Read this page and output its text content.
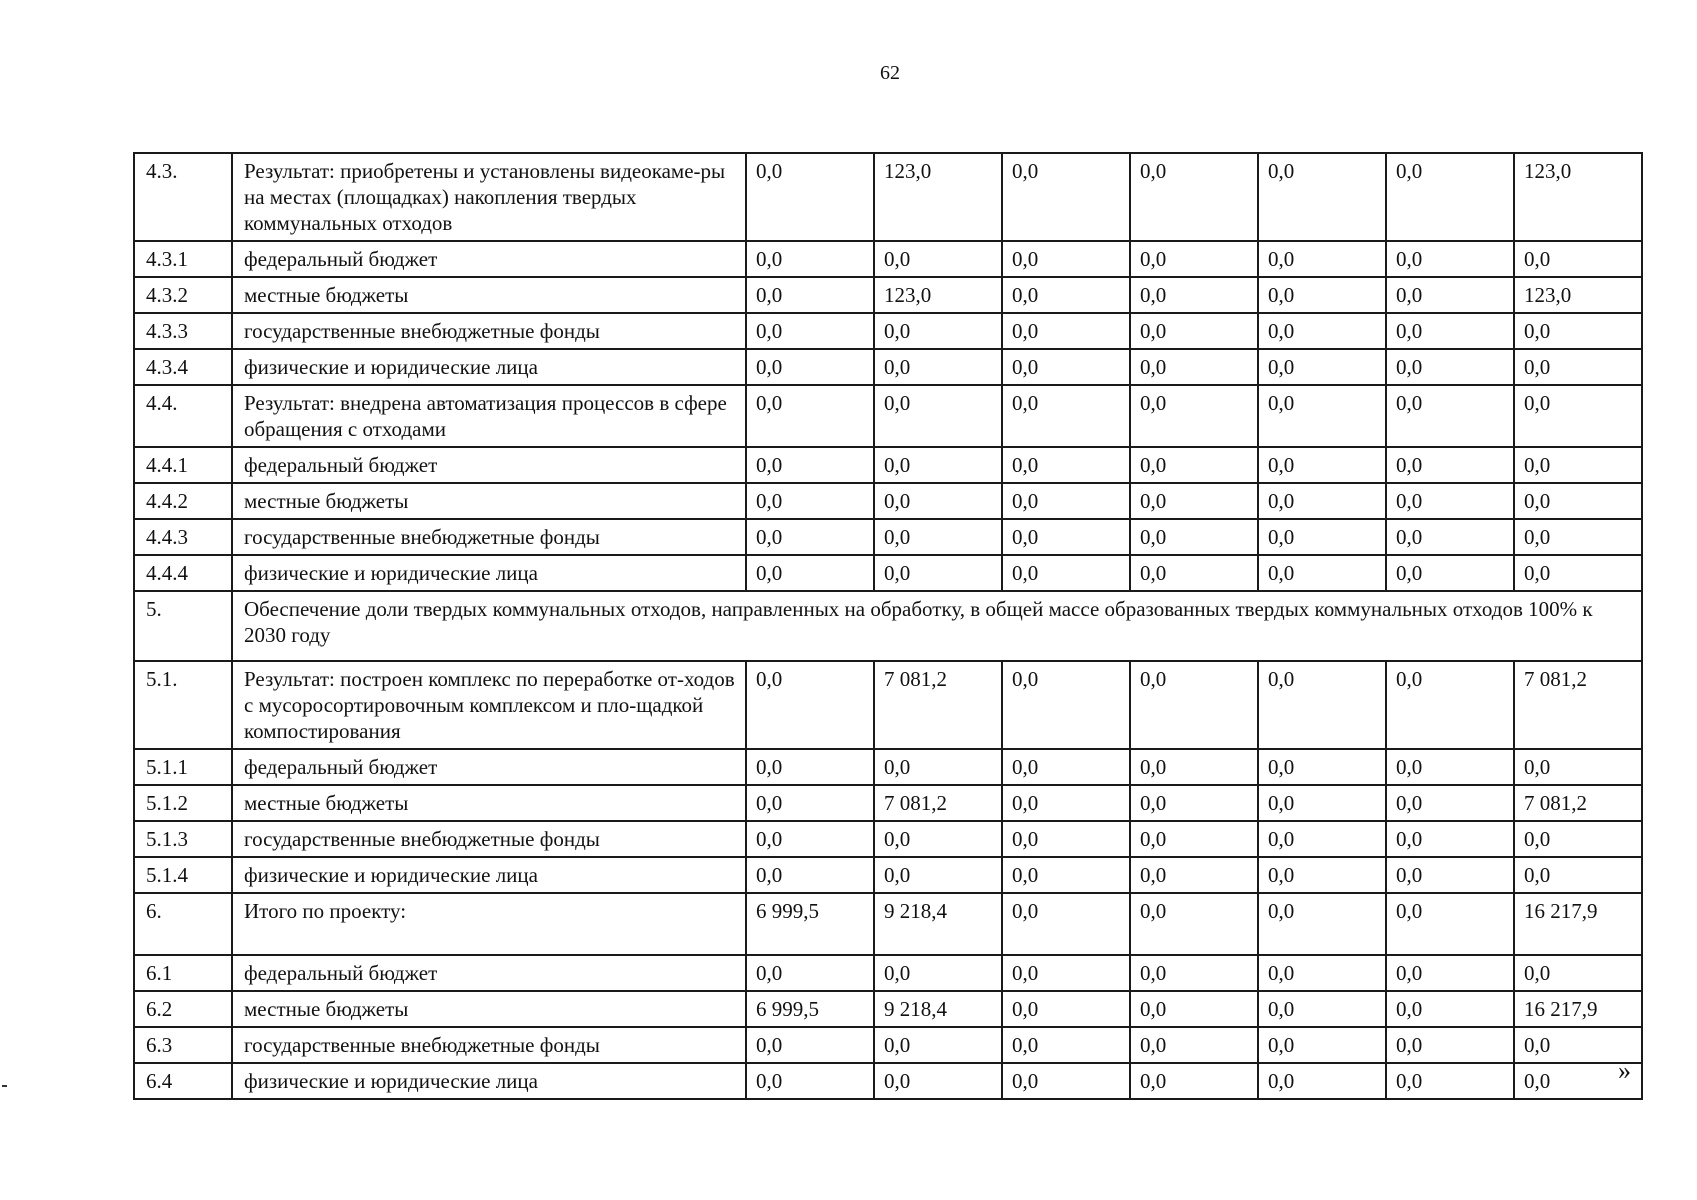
62
4.3.	Результат: приобретены и установлены видеокаме-ры на местах (площадках) накопления твердых коммунальных отходов	0,0	123,0	0,0	0,0	0,0	0,0	123,0
4.3.1	федеральный бюджет	0,0	0,0	0,0	0,0	0,0	0,0	0,0
4.3.2	местные бюджеты	0,0	123,0	0,0	0,0	0,0	0,0	123,0
4.3.3	государственные внебюджетные фонды	0,0	0,0	0,0	0,0	0,0	0,0	0,0
4.3.4	физические и юридические лица	0,0	0,0	0,0	0,0	0,0	0,0	0,0
4.4.	Результат: внедрена автоматизация процессов в сфере обращения с отходами	0,0	0,0	0,0	0,0	0,0	0,0	0,0
4.4.1	федеральный бюджет	0,0	0,0	0,0	0,0	0,0	0,0	0,0
4.4.2	местные бюджеты	0,0	0,0	0,0	0,0	0,0	0,0	0,0
4.4.3	государственные внебюджетные фонды	0,0	0,0	0,0	0,0	0,0	0,0	0,0
4.4.4	физические и юридические лица	0,0	0,0	0,0	0,0	0,0	0,0	0,0
5.	Обеспечение доли твердых коммунальных отходов, направленных на обработку, в общей массе образованных твердых коммунальных отходов 100% к 2030 году							
5.1.	Результат: построен комплекс по переработке от-ходов с мусоросортировочным комплексом и пло-щадкой компостирования	0,0	7 081,2	0,0	0,0	0,0	0,0	7 081,2
5.1.1	федеральный бюджет	0,0	0,0	0,0	0,0	0,0	0,0	0,0
5.1.2	местные бюджеты	0,0	7 081,2	0,0	0,0	0,0	0,0	7 081,2
5.1.3	государственные внебюджетные фонды	0,0	0,0	0,0	0,0	0,0	0,0	0,0
5.1.4	физические и юридические лица	0,0	0,0	0,0	0,0	0,0	0,0	0,0
6.	Итого по проекту:	6 999,5	9 218,4	0,0	0,0	0,0	0,0	16 217,9
6.1	федеральный бюджет	0,0	0,0	0,0	0,0	0,0	0,0	0,0
6.2	местные бюджеты	6 999,5	9 218,4	0,0	0,0	0,0	0,0	16 217,9
6.3	государственные внебюджетные фонды	0,0	0,0	0,0	0,0	0,0	0,0	0,0
6.4	физические и юридические лица	0,0	0,0	0,0	0,0	0,0	0,0	0,0	»
